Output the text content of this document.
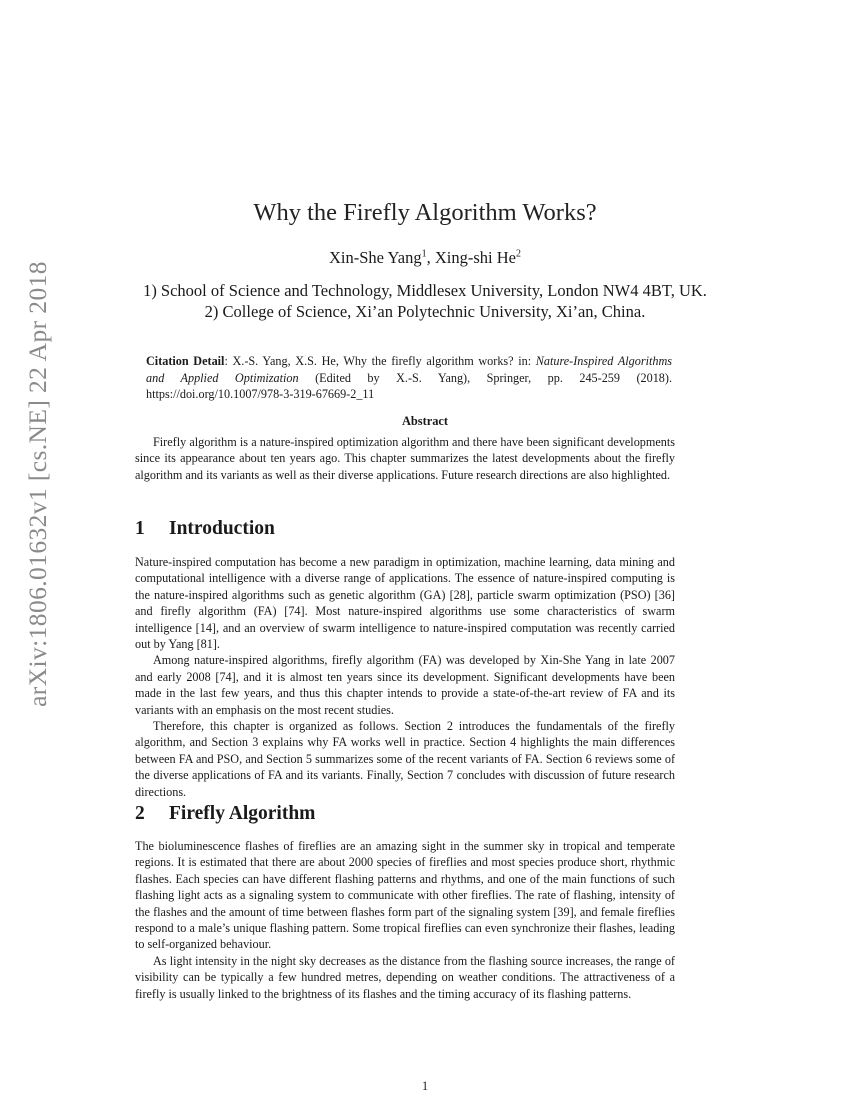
arXiv:1806.01632v1 [cs.NE] 22 Apr 2018
Why the Firefly Algorithm Works?
Xin-She Yang$^1$, Xing-shi He$^2$
1) School of Science and Technology, Middlesex University, London NW4 4BT, UK.
2) College of Science, Xi’an Polytechnic University, Xi’an, China.
Citation Detail: X.-S. Yang, X.S. He, Why the firefly algorithm works? in: Nature-Inspired Algorithms and Applied Optimization (Edited by X.-S. Yang), Springer, pp. 245-259 (2018). https://doi.org/10.1007/978-3-319-67669-2_11
Abstract
Firefly algorithm is a nature-inspired optimization algorithm and there have been significant developments since its appearance about ten years ago. This chapter summarizes the latest developments about the firefly algorithm and its variants as well as their diverse applications. Future research directions are also highlighted.
1 Introduction

Nature-inspired computation has become a new paradigm in optimization, machine learning, data mining and computational intelligence with a diverse range of applications. The essence of nature-inspired computing is the nature-inspired algorithms such as genetic algorithm (GA) [28], particle swarm optimization (PSO) [36] and firefly algorithm (FA) [74]. Most nature-inspired algorithms use some characteristics of swarm intelligence [14], and an overview of swarm intelligence to nature-inspired computation was recently carried out by Yang [81].

Among nature-inspired algorithms, firefly algorithm (FA) was developed by Xin-She Yang in late 2007 and early 2008 [74], and it is almost ten years since its development. Significant developments have been made in the last few years, and thus this chapter intends to provide a state-of-the-art review of FA and its variants with an emphasis on the most recent studies.

Therefore, this chapter is organized as follows. Section 2 introduces the fundamentals of the firefly algorithm, and Section 3 explains why FA works well in practice. Section 4 highlights the main differences between FA and PSO, and Section 5 summarizes some of the recent variants of FA. Section 6 reviews some of the diverse applications of FA and its variants. Finally, Section 7 concludes with discussion of future research directions.

2 Firefly Algorithm

The bioluminescence flashes of fireflies are an amazing sight in the summer sky in tropical and temperate regions. It is estimated that there are about 2000 species of fireflies and most species produce short, rhythmic flashes. Each species can have different flashing patterns and rhythms, and one of the main functions of such flashing light acts as a signaling system to communicate with other fireflies. The rate of flashing, intensity of the flashes and the amount of time between flashes form part of the signaling system [39], and female fireflies respond to a male’s unique flashing pattern. Some tropical fireflies can even synchronize their flashes, leading to self-organized behaviour.

As light intensity in the night sky decreases as the distance from the flashing source increases, the range of visibility can be typically a few hundred metres, depending on weather conditions. The attractiveness of a firefly is usually linked to the brightness of its flashes and the timing accuracy of its flashing patterns.

1
